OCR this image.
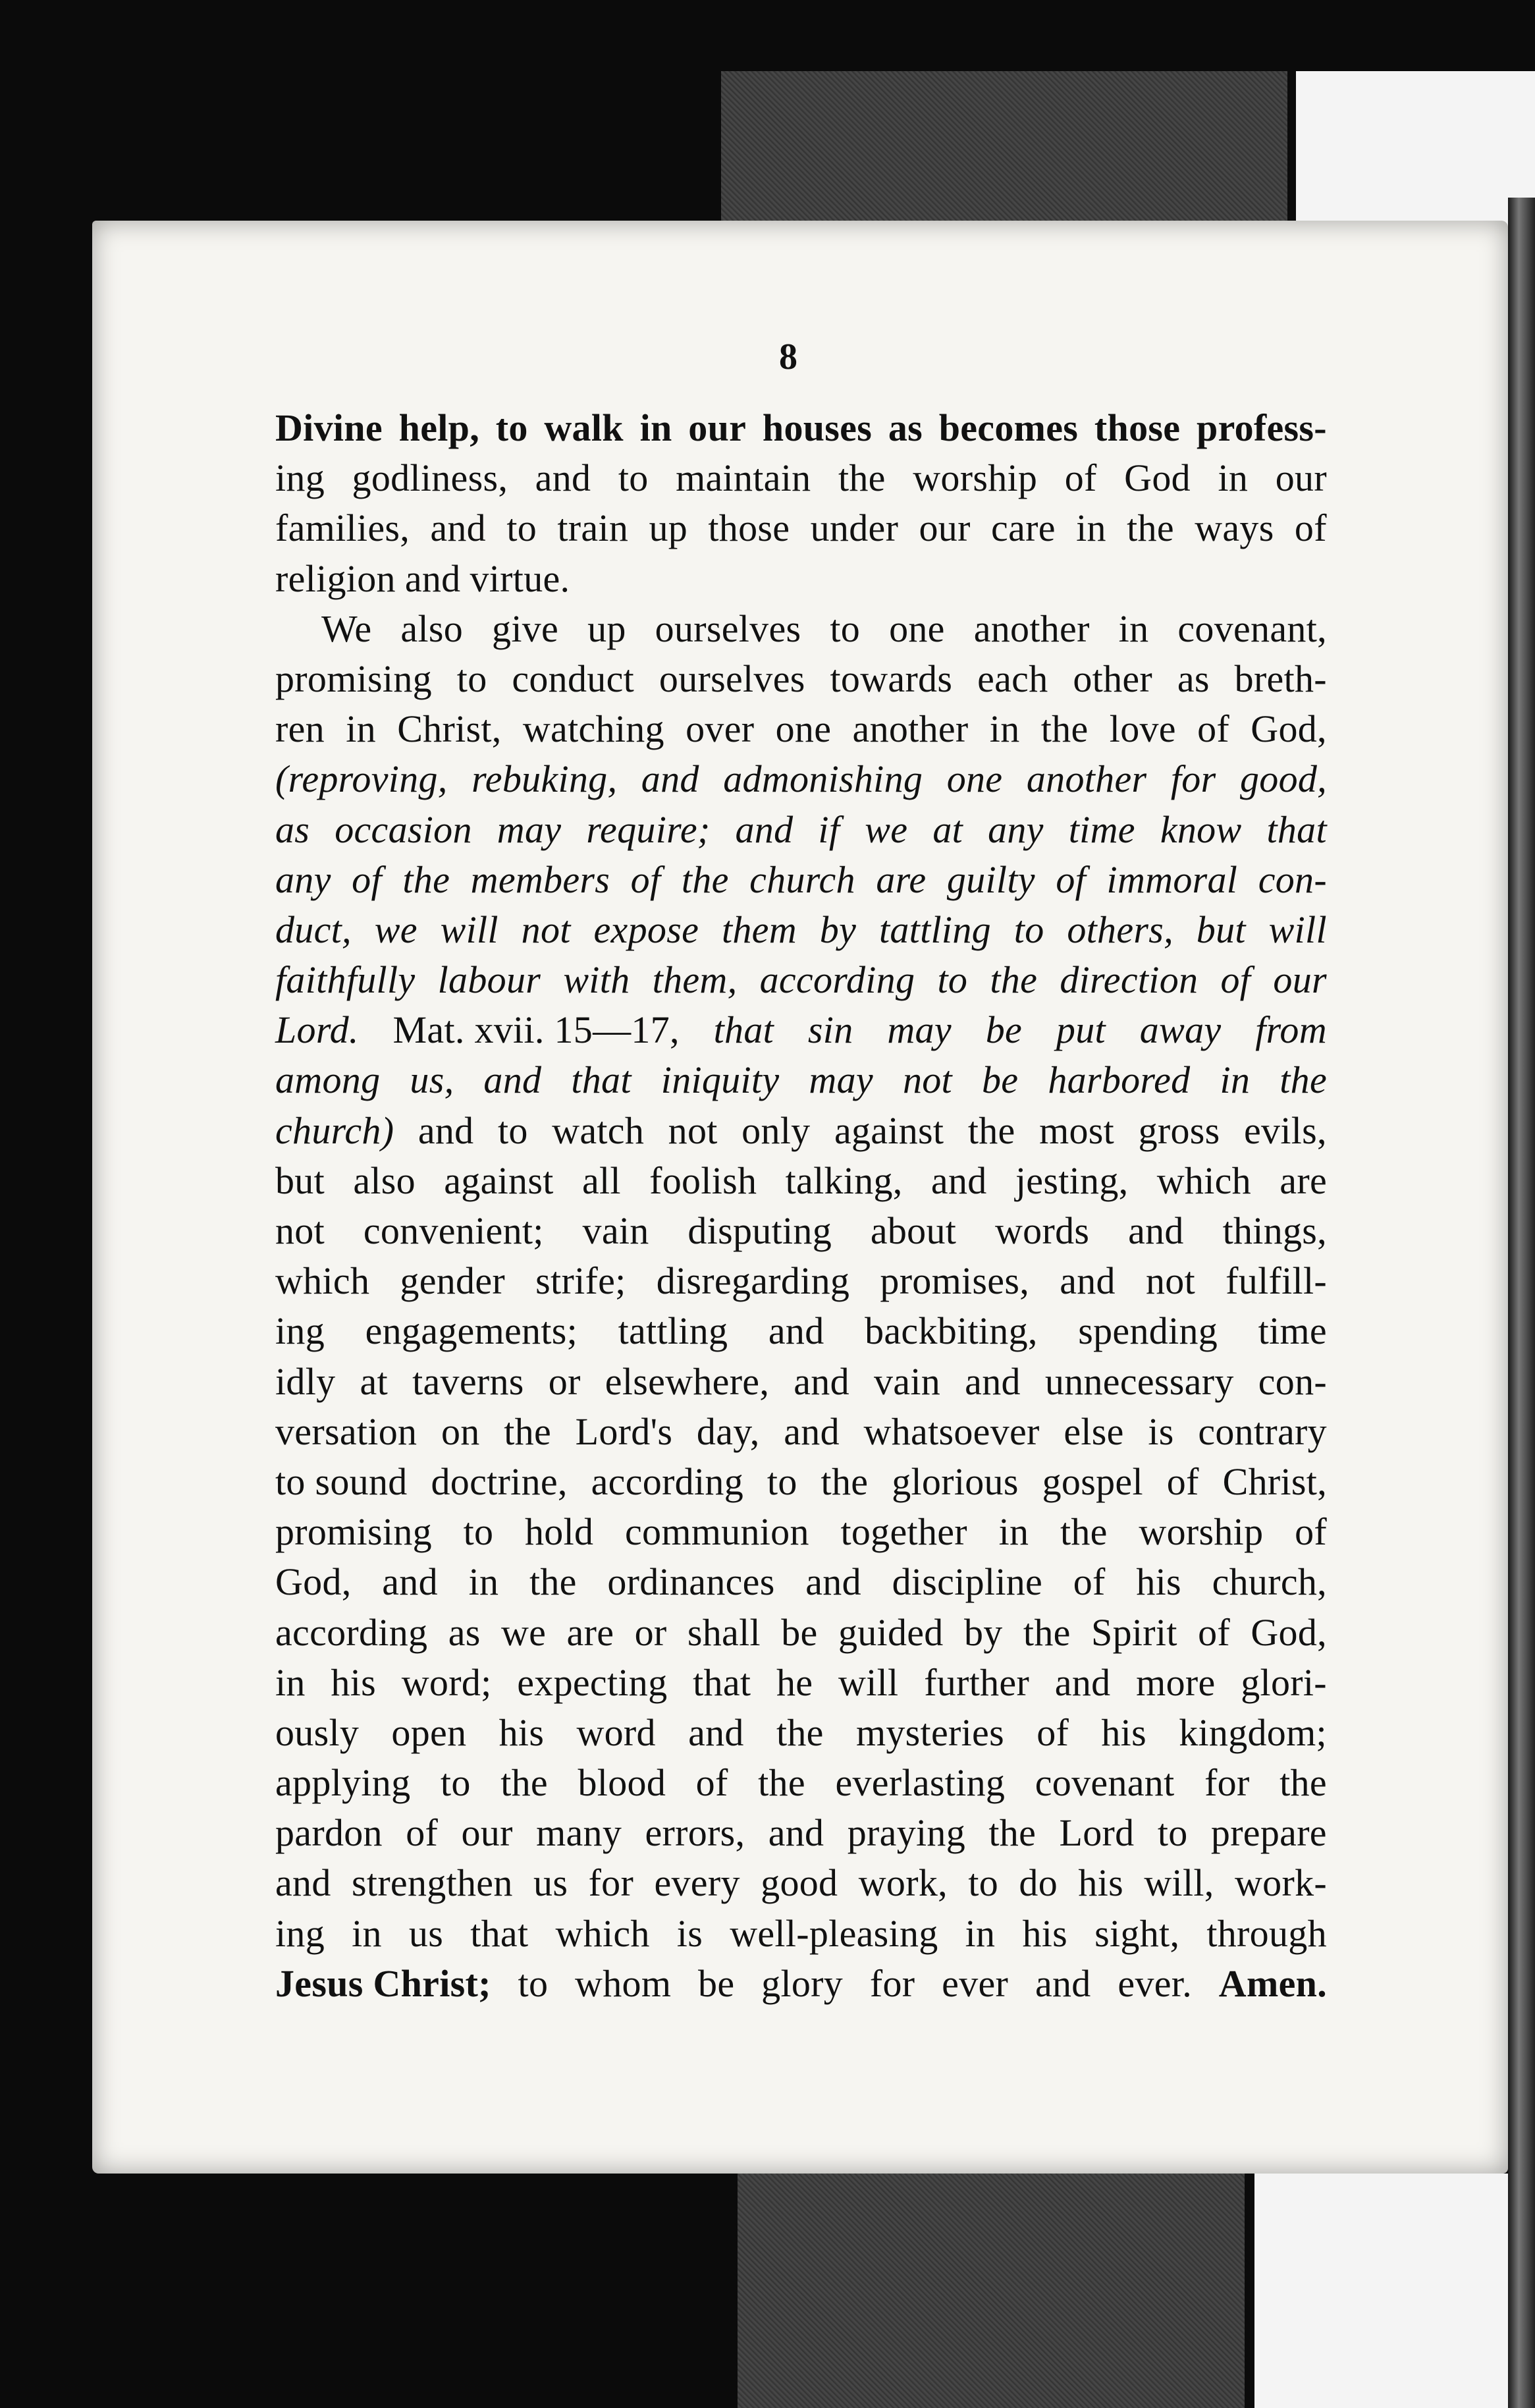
8
Divine help, to walk in our houses as becomes those profess-
ing godliness, and to maintain the worship of God in our
families, and to train up those under our care in the ways of
religion and virtue.
We also give up ourselves to one another in covenant,
promising to conduct ourselves towards each other as breth-
ren in Christ, watching over one another in the love of God,
(reproving, rebuking, and admonishing one another for good,
as occasion may require; and if we at any time know that
any of the members of the church are guilty of immoral con-
duct, we will not expose them by tattling to others, but will
faithfully labour with them, according to the direction of our
Lord. Mat. xvii. 15—17, that sin may be put away from
among us, and that iniquity may not be harbored in the
church) and to watch not only against the most gross evils,
but also against all foolish talking, and jesting, which are
not convenient; vain disputing about words and things,
which gender strife; disregarding promises, and not fulfill-
ing engagements; tattling and backbiting, spending time
idly at taverns or elsewhere, and vain and unnecessary con-
versation on the Lord's day, and whatsoever else is contrary
to sound doctrine, according to the glorious gospel of Christ,
promising to hold communion together in the worship of
God, and in the ordinances and discipline of his church,
according as we are or shall be guided by the Spirit of God,
in his word; expecting that he will further and more glori-
ously open his word and the mysteries of his kingdom;
applying to the blood of the everlasting covenant for the
pardon of our many errors, and praying the Lord to prepare
and strengthen us for every good work, to do his will, work-
ing in us that which is well-pleasing in his sight, through
Jesus Christ; to whom be glory for ever and ever. Amen.
